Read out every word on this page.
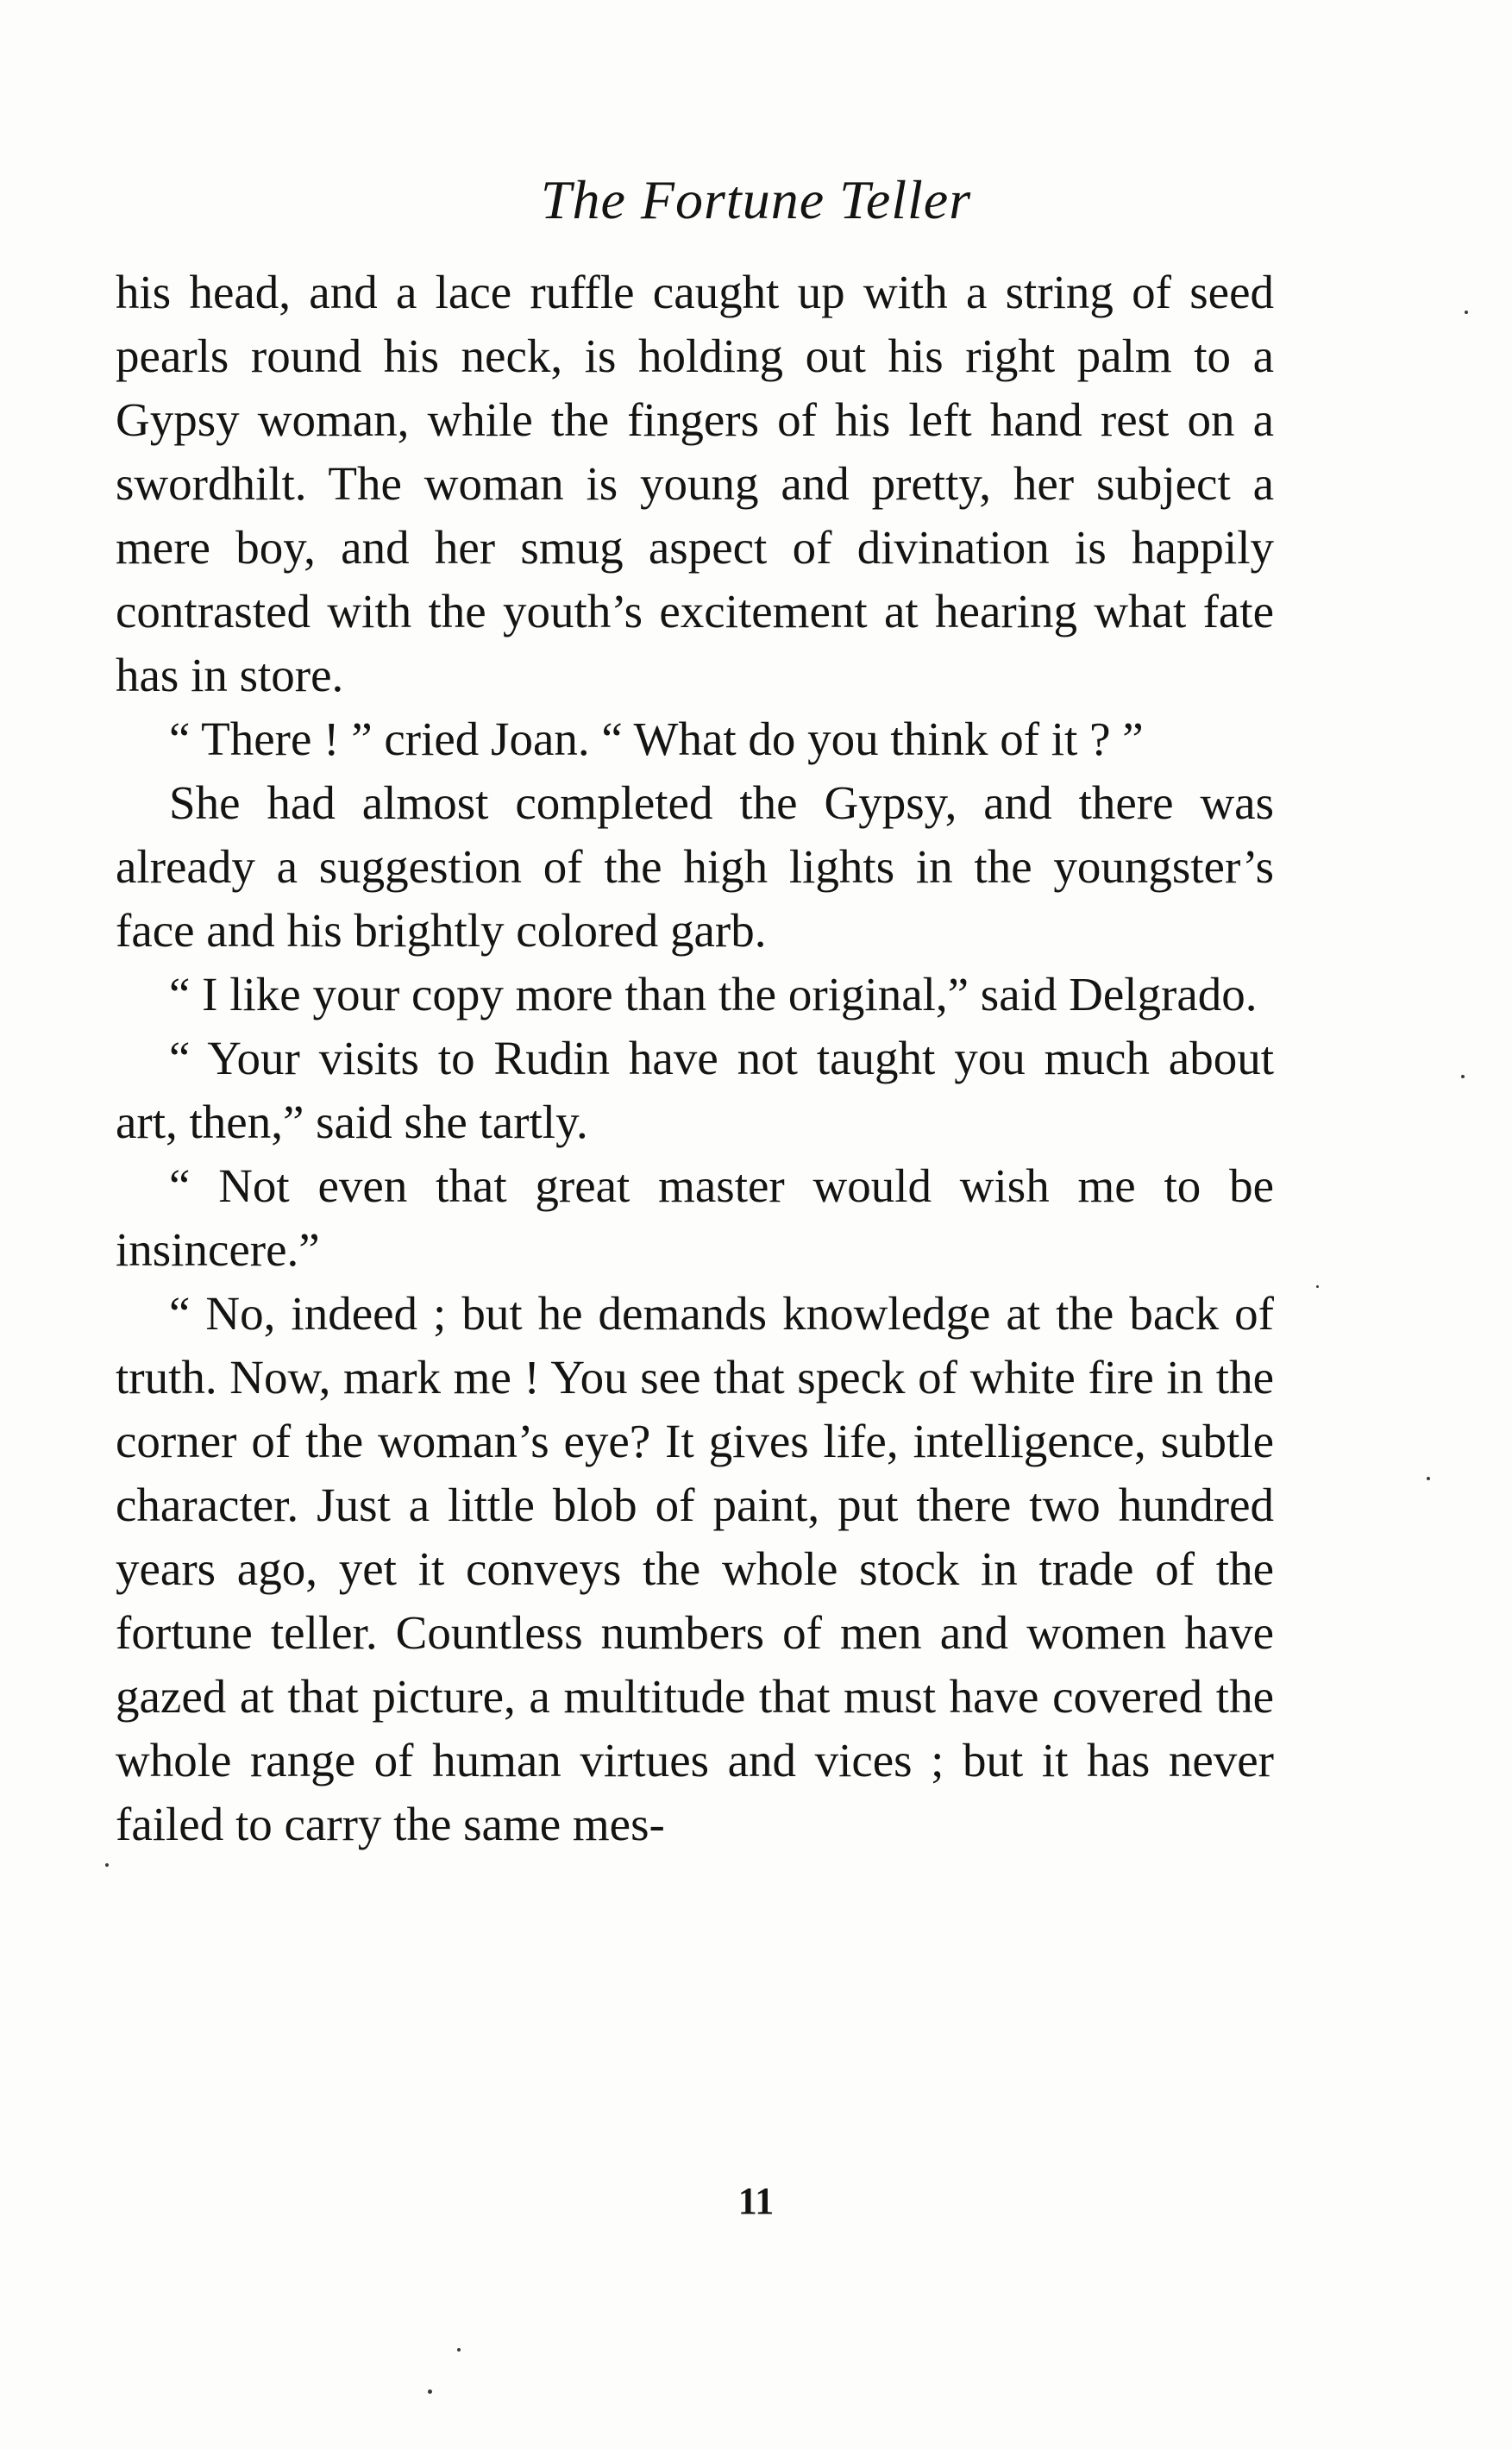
The Fortune Teller

his head, and a lace ruffle caught up with a string of seed pearls round his neck, is holding out his right palm to a Gypsy woman, while the fingers of his left hand rest on a swordhilt. The woman is young and pretty, her subject a mere boy, and her smug aspect of divination is happily contrasted with the youth’s excitement at hearing what fate has in store.

“ There ! ” cried Joan. “ What do you think of it ? ”

She had almost completed the Gypsy, and there was already a suggestion of the high lights in the youngster’s face and his brightly colored garb.

“ I like your copy more than the original,” said Delgrado.

“ Your visits to Rudin have not taught you much about art, then,” said she tartly.

“ Not even that great master would wish me to be insincere.”

“ No, indeed ; but he demands knowledge at the back of truth. Now, mark me ! You see that speck of white fire in the corner of the woman’s eye? It gives life, intelligence, subtle character. Just a little blob of paint, put there two hundred years ago, yet it conveys the whole stock in trade of the fortune teller. Countless numbers of men and women have gazed at that picture, a multitude that must have covered the whole range of human virtues and vices ; but it has never failed to carry the same mes-

11
